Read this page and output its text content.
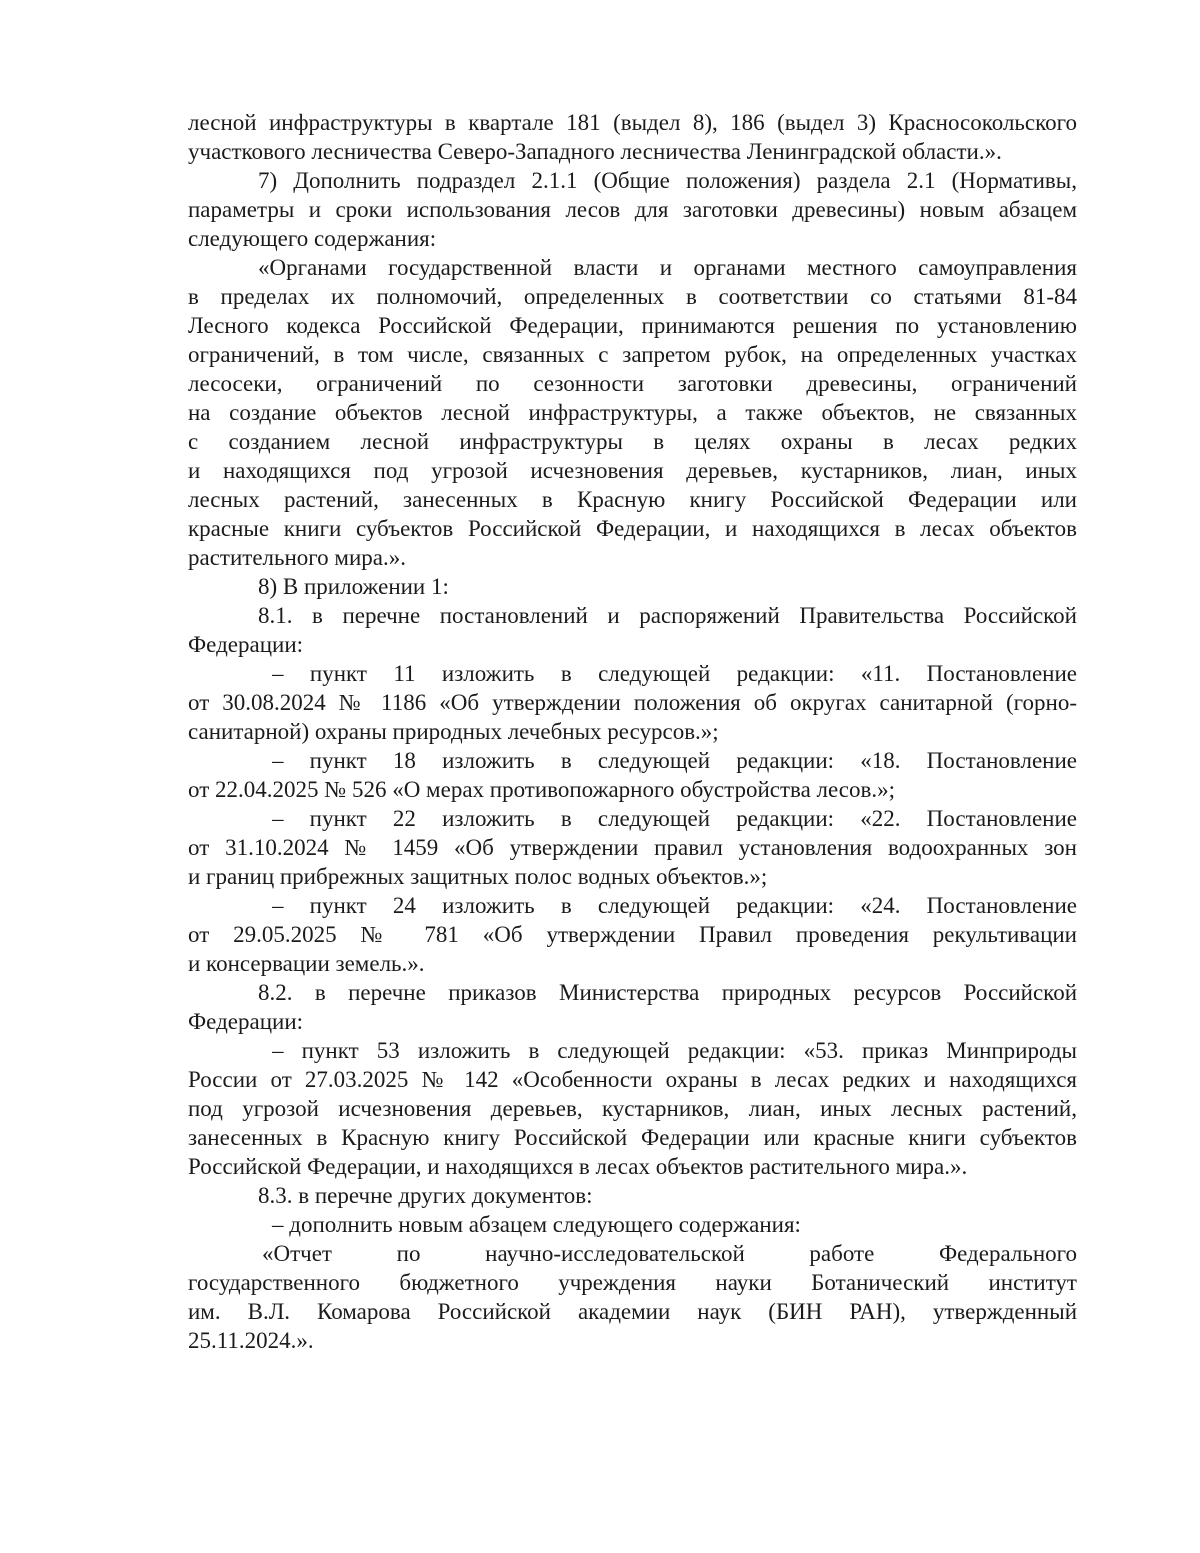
лесной инфраструктуры в квартале 181 (выдел 8), 186 (выдел 3) Красносокольского
участкового лесничества Северо-Западного лесничества Ленинградской области.».
7) Дополнить подраздел 2.1.1 (Общие положения) раздела 2.1 (Нормативы,
параметры и сроки использования лесов для заготовки древесины) новым абзацем
следующего содержания:
«Органами государственной власти и органами местного самоуправления
в пределах их полномочий, определенных в соответствии со статьями 81-84
Лесного кодекса Российской Федерации, принимаются решения по установлению
ограничений, в том числе, связанных с запретом рубок, на определенных участках
лесосеки, ограничений по сезонности заготовки древесины, ограничений
на создание объектов лесной инфраструктуры, а также объектов, не связанных
с созданием лесной инфраструктуры в целях охраны в лесах редких
и находящихся под угрозой исчезновения деревьев, кустарников, лиан, иных
лесных растений, занесенных в Красную книгу Российской Федерации или
красные книги субъектов Российской Федерации, и находящихся в лесах объектов
растительного мира.».
8) В приложении 1:
8.1. в перечне постановлений и распоряжений Правительства Российской
Федерации:
– пункт 11 изложить в следующей редакции: «11. Постановление
от 30.08.2024 № 1186 «Об утверждении положения об округах санитарной (горно-
санитарной) охраны природных лечебных ресурсов.»;
– пункт 18 изложить в следующей редакции: «18. Постановление
от 22.04.2025 № 526 «О мерах противопожарного обустройства лесов.»;
– пункт 22 изложить в следующей редакции: «22. Постановление
от 31.10.2024 № 1459 «Об утверждении правил установления водоохранных зон
и границ прибрежных защитных полос водных объектов.»;
– пункт 24 изложить в следующей редакции: «24. Постановление
от 29.05.2025 № 781 «Об утверждении Правил проведения рекультивации
и консервации земель.».
8.2. в перечне приказов Министерства природных ресурсов Российской
Федерации:
– пункт 53 изложить в следующей редакции: «53. приказ Минприроды
России от 27.03.2025 № 142 «Особенности охраны в лесах редких и находящихся
под угрозой исчезновения деревьев, кустарников, лиан, иных лесных растений,
занесенных в Красную книгу Российской Федерации или красные книги субъектов
Российской Федерации, и находящихся в лесах объектов растительного мира.».
8.3. в перечне других документов:
– дополнить новым абзацем следующего содержания:
«Отчет по научно-исследовательской работе Федерального
государственного бюджетного учреждения науки Ботанический институт
им. В.Л. Комарова Российской академии наук (БИН РАН), утвержденный
25.11.2024.».
